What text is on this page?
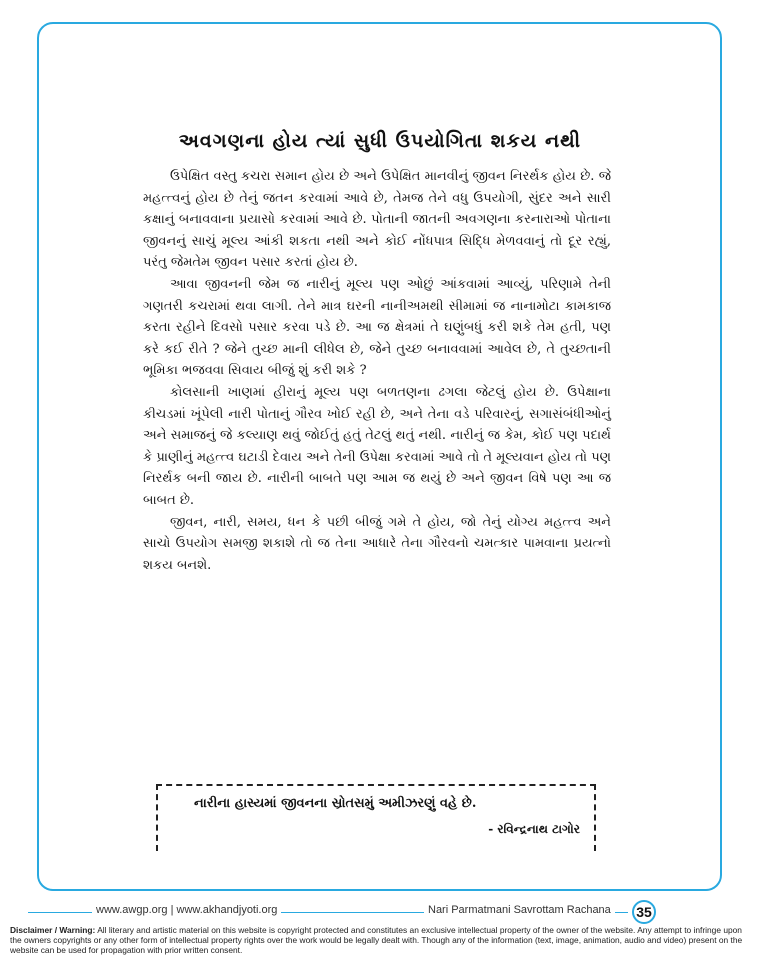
અવગણના હોય ત્યાં સુધી ઉપયોગિતા શકય નથી

ઉપેક્ષિત વસ્તુ કચરા સમાન હોય છે અને ઉપેક્ષિત માનવીનું જીવન નિરર્થક હોય છે. જે મહત્ત્વનું હોય છે તેનું જતન કરવામાં આવે છે, તેમજ તેને વધુ ઉપયોગી, સુંદર અને સારી કક્ષાનું બનાવવાના પ્રયાસો કરવામાં આવે છે. પોતાની જાતની અવગણના કરનારાઓ પોતાના જીવનનું સાચું મૂલ્ય આંકી શકતા નથી અને કોઈ નોંધપાત્ર સિદ્ધિ મેળવવાનું તો દૂર રહ્યું, પરંતુ જેમતેમ જીવન પસાર કરતાં હોય છે.

આવા જીવનની જેમ જ નારીનું મૂલ્ય પણ ઓછું આંકવામાં આવ્યું, પરિણામે તેની ગણતરી કચરામાં થવા લાગી. તેને માત્ર ઘરની નાનીઅમથી સીમામાં જ નાનામોટા કામકાજ કરતા રહીને દિવસો પસાર કરવા પડે છે. આ જ ક્ષેત્રમાં તે ઘણુંબધું કરી શકે તેમ હતી, પણ કરે કઈ રીતે ? જેને તુચ્છ માની લીધેલ છે, જેને તુચ્છ બનાવવામાં આવેલ છે, તે તુચ્છતાની ભૂમિકા ભજવવા સિવાય બીજું શું કરી શકે ?

કોલસાની ખાણમાં હીરાનું મૂલ્ય પણ બળતણના ઢગલા જેટલું હોય છે. ઉપેક્ષાના કીચડમાં ખૂંપેલી નારી પોતાનું ગૌરવ ખોઈ રહી છે, અને તેના વડે પરિવારનું, સગાસંબંધીઓનું અને સમાજનું જે કલ્યાણ થવું જોઈતું હતું તેટલું થતું નથી. નારીનું જ કેમ, કોઈ પણ પદાર્થ કે પ્રાણીનું મહત્ત્વ ઘટાડી દેવાય અને તેની ઉપેક્ષા કરવામાં આવે તો તે મૂલ્યવાન હોય તો પણ નિરર્થક બની જાય છે. નારીની બાબતે પણ આમ જ થયું છે અને જીવન વિષે પણ આ જ બાબત છે.

જીવન, નારી, સમય, ધન કે પછી બીજું ગમે તે હોય, જો તેનું યોગ્ય મહત્ત્વ અને સાચો ઉપયોગ સમજી શકાશે તો જ તેના આધારે તેના ગૌરવનો ચમત્કાર પામવાના પ્રયત્નો શકય બનશે.

નારીના હાસ્યમાં જીવનના સ્રોતસમું અમીઝરણું વહે છે.

- રવિન્દ્રનાથ ટાગોર

www.awgp.org | www.akhandjyoti.org	Nari Parmatmani Savrottam Rachana	35

Disclaimer / Warning: All literary and artistic material on this website is copyright protected and constitutes an exclusive intellectual property of the owner of the website. Any attempt to infringe upon the owners copyrights or any other form of intellectual property rights over the work would be legally dealt with. Though any of the information (text, image, animation, audio and video) present on the website can be used for propagation with prior written consent.
